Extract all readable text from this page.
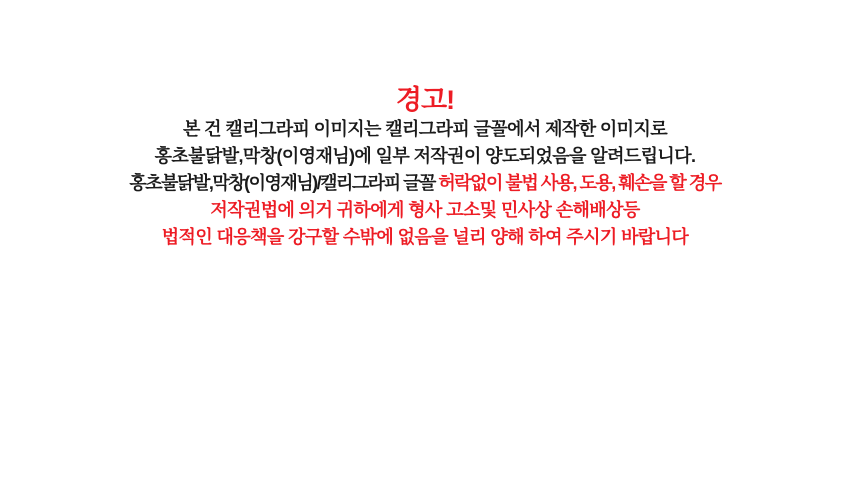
경고!

본 건 캘리그라피 이미지는 캘리그라피 글꼴에서 제작한 이미지로

홍초불닭발,막창(이영재님)에 일부 저작권이 양도되었음을 알려드립니다.

홍초불닭발,막창(이영재님)/캘리그라피 글꼴 허락없이 불법 사용, 도용, 훼손을 할 경우

저작권법에 의거 귀하에게 형사 고소및 민사상 손해배상등

법적인 대응책을 강구할 수밖에 없음을 널리 양해 하여 주시기 바랍니다
